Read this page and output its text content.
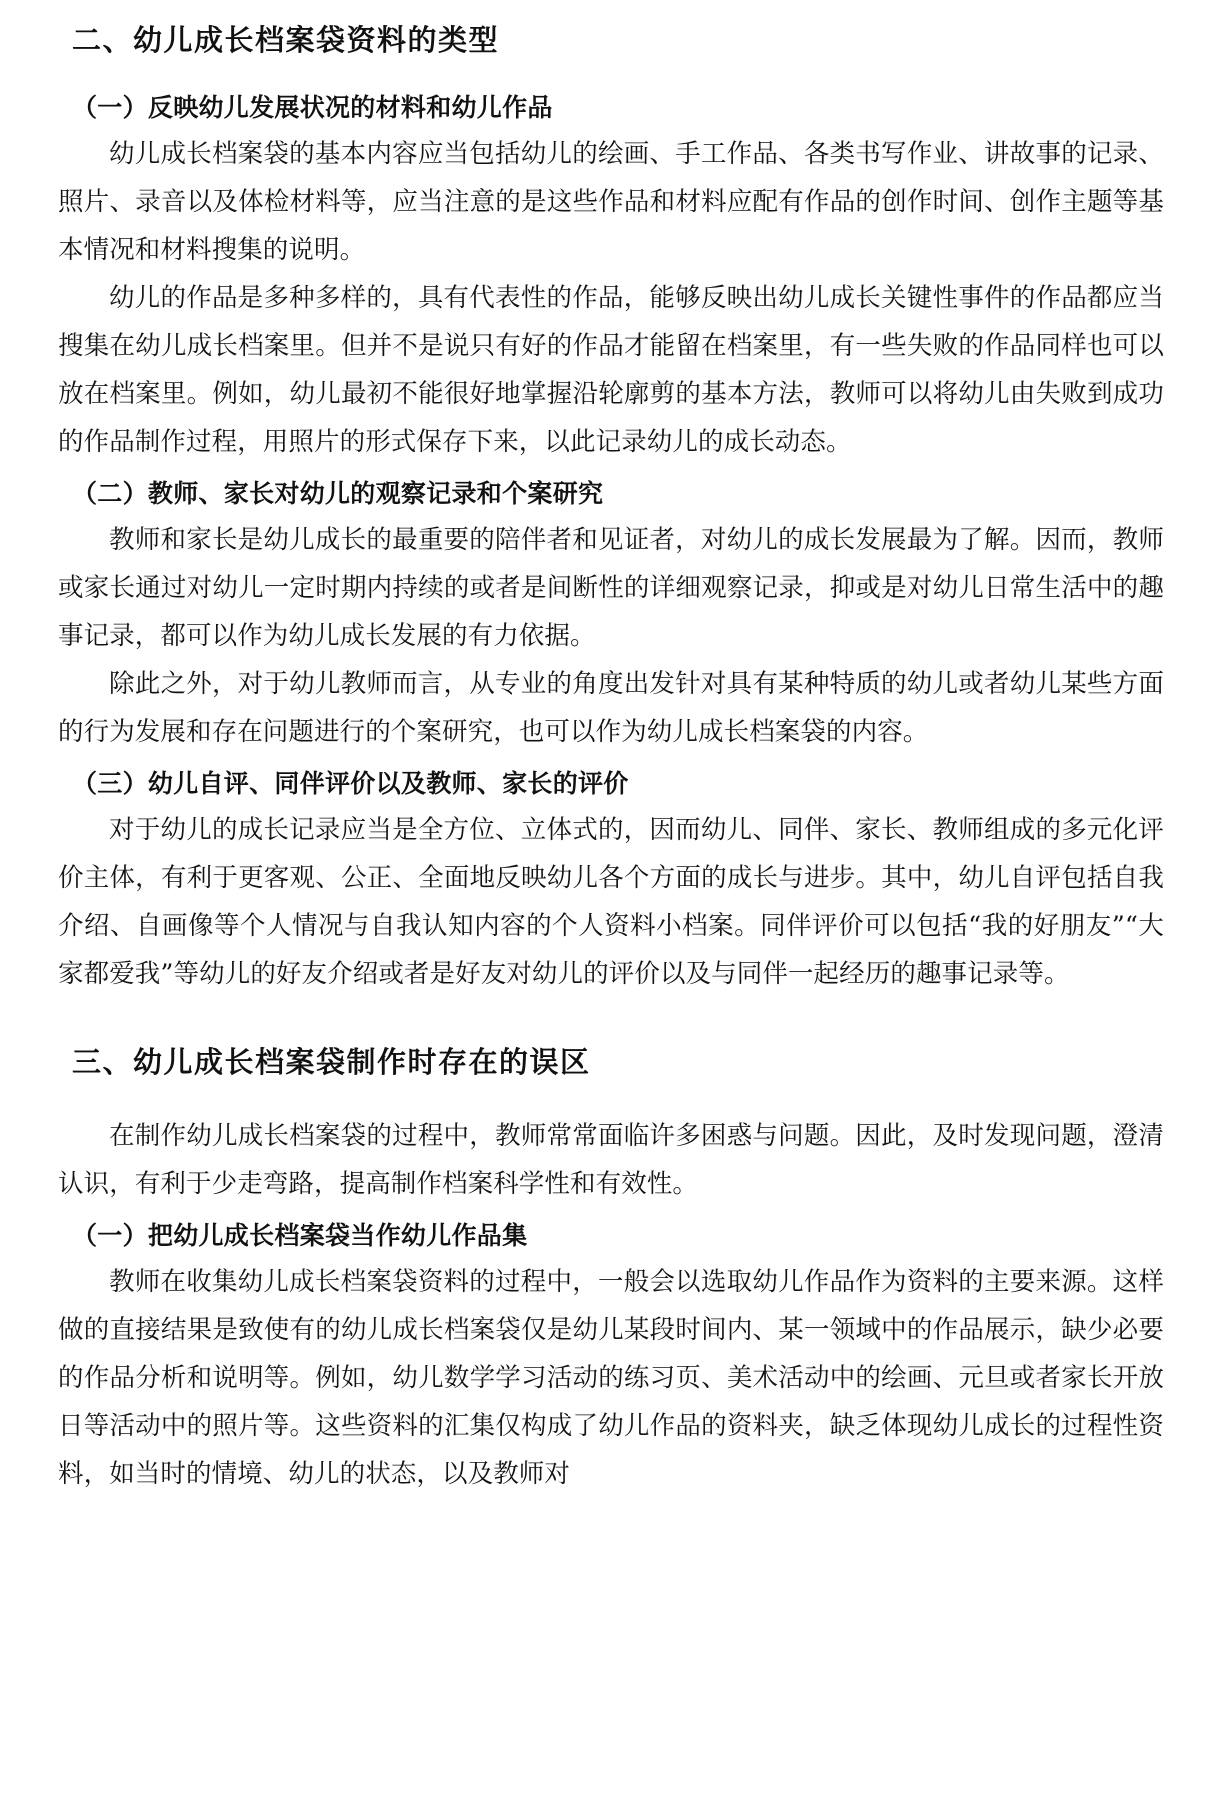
二、幼儿成长档案袋资料的类型
（一）反映幼儿发展状况的材料和幼儿作品

幼儿成长档案袋的基本内容应当包括幼儿的绘画、手工作品、各类书写作业、讲故事的记录、照片、录音以及体检材料等，应当注意的是这些作品和材料应配有作品的创作时间、创作主题等基本情况和材料搜集的说明。

幼儿的作品是多种多样的，具有代表性的作品，能够反映出幼儿成长关键性事件的作品都应当搜集在幼儿成长档案里。但并不是说只有好的作品才能留在档案里，有一些失败的作品同样也可以放在档案里。例如，幼儿最初不能很好地掌握沿轮廓剪的基本方法，教师可以将幼儿由失败到成功的作品制作过程，用照片的形式保存下来，以此记录幼儿的成长动态。

（二）教师、家长对幼儿的观察记录和个案研究

教师和家长是幼儿成长的最重要的陪伴者和见证者，对幼儿的成长发展最为了解。因而，教师或家长通过对幼儿一定时期内持续的或者是间断性的详细观察记录，抑或是对幼儿日常生活中的趣事记录，都可以作为幼儿成长发展的有力依据。

除此之外，对于幼儿教师而言，从专业的角度出发针对具有某种特质的幼儿或者幼儿某些方面的行为发展和存在问题进行的个案研究，也可以作为幼儿成长档案袋的内容。

（三）幼儿自评、同伴评价以及教师、家长的评价

对于幼儿的成长记录应当是全方位、立体式的，因而幼儿、同伴、家长、教师组成的多元化评价主体，有利于更客观、公正、全面地反映幼儿各个方面的成长与进步。其中，幼儿自评包括自我介绍、自画像等个人情况与自我认知内容的个人资料小档案。同伴评价可以包括“我的好朋友”“大家都爱我”等幼儿的好友介绍或者是好友对幼儿的评价以及与同伴一起经历的趣事记录等。

三、幼儿成长档案袋制作时存在的误区

在制作幼儿成长档案袋的过程中，教师常常面临许多困惑与问题。因此，及时发现问题，澄清认识，有利于少走弯路，提高制作档案科学性和有效性。

（一）把幼儿成长档案袋当作幼儿作品集

教师在收集幼儿成长档案袋资料的过程中，一般会以选取幼儿作品作为资料的主要来源。这样做的直接结果是致使有的幼儿成长档案袋仅是幼儿某段时间内、某一领域中的作品展示，缺少必要的作品分析和说明等。例如，幼儿数学学习活动的练习页、美术活动中的绘画、元旦或者家长开放日等活动中的照片等。这些资料的汇集仅构成了幼儿作品的资料夹，缺乏体现幼儿成长的过程性资料，如当时的情境、幼儿的状态，以及教师对
